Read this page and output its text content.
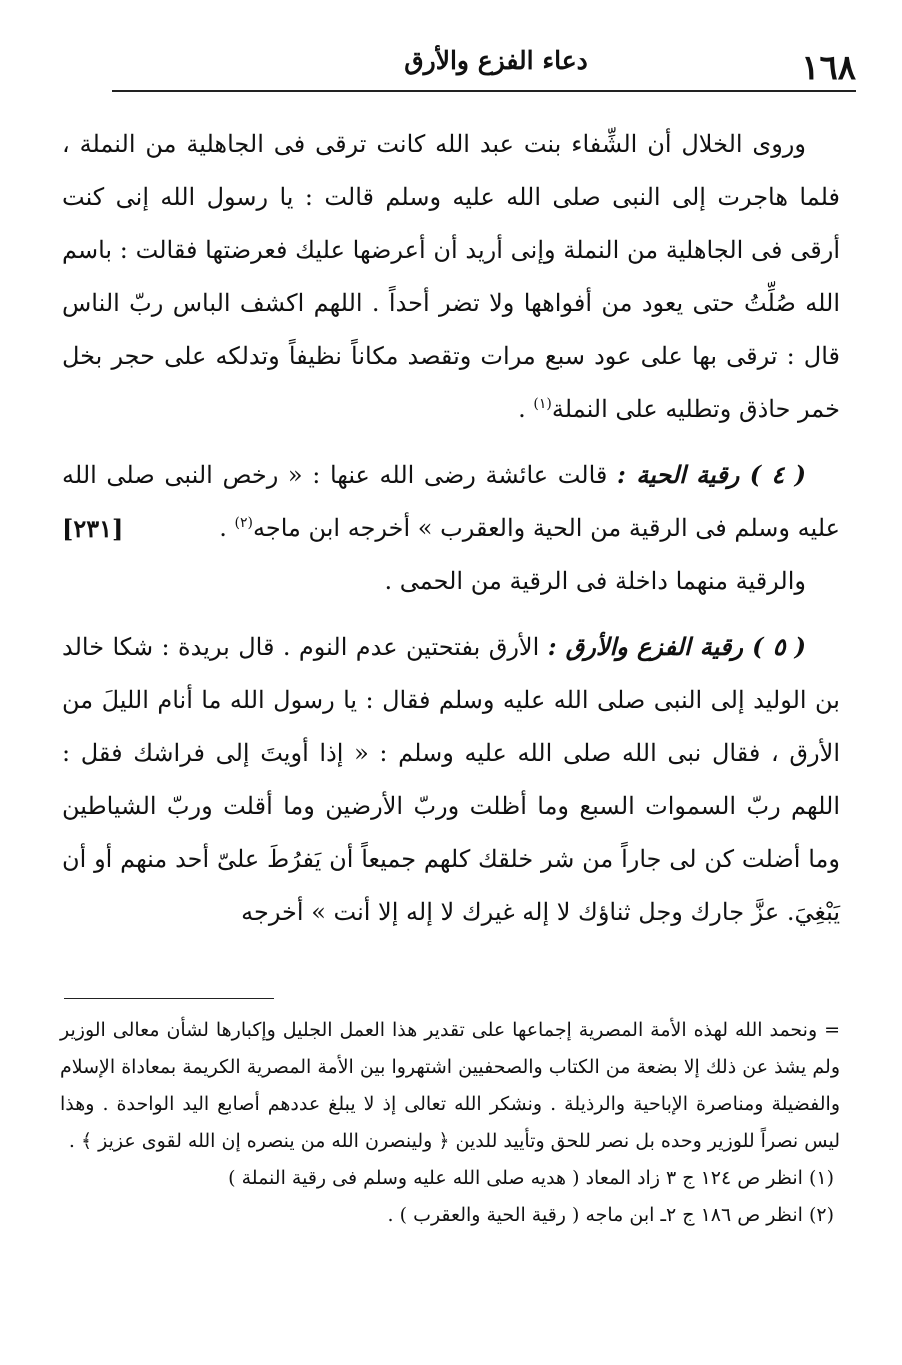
١٦٨
دعاء الفزع والأرق

وروى الخلال أن الشِّفاء بنت عبد الله كانت ترقى فى الجاهلية من النملة ، فلما هاجرت إلى النبى صلى الله عليه وسلم قالت : يا رسول الله إنى كنت أرقى فى الجاهلية من النملة وإنى أريد أن أعرضها عليك فعرضتها فقالت : باسم الله صُلِّتُ حتى يعود من أفواهها ولا تضر أحداً . اللهم اكشف الباس ربّ الناس قال : ترقى بها على عود سبع مرات وتقصد مكاناً نظيفاً وتدلكه على حجر بخل خمر حاذق وتطليه على النملة$^{(١)}$ .

( ٤ ) رقية الحية : قالت عائشة رضى الله عنها : « رخص النبى صلى الله عليه وسلم فى الرقية من الحية والعقرب » أخرجه ابن ماجه$^{(٢)}$ .
[٢٣١]

والرقية منهما داخلة فى الرقية من الحمى .

( ٥ ) رقية الفزع والأرق : الأرق بفتحتين عدم النوم . قال بريدة : شكا خالد بن الوليد إلى النبى صلى الله عليه وسلم فقال : يا رسول الله ما أنام الليلَ من الأرق ، فقال نبى الله صلى الله عليه وسلم : « إذا أويتَ إلى فراشك فقل : اللهم ربّ السموات السبع وما أظلت وربّ الأرضين وما أقلت وربّ الشياطين وما أضلت كن لى جاراً من شر خلقك كلهم جميعاً أن يَفرُطَ علىّ أحد منهم أو أن يَبْغِيَ. عزَّ جارك وجل ثناؤك لا إله غيرك لا إله إلا أنت » أخرجه

= ونحمد الله لهذه الأمة المصرية إجماعها على تقدير هذا العمل الجليل وإكبارها لشأن معالى الوزير ولم يشذ عن ذلك إلا بضعة من الكتاب والصحفيين اشتهروا بين الأمة المصرية الكريمة بمعاداة الإسلام والفضيلة ومناصرة الإباحية والرذيلة . ونشكر الله تعالى إذ لا يبلغ عددهم أصابع اليد الواحدة . وهذا ليس نصراً للوزير وحده بل نصر للحق وتأييد للدين ﴿ ولينصرن الله من ينصره إن الله لقوى عزيز ﴾ .

(١) انظر ص ١٢٤ ج ٣ زاد المعاد ( هديه صلى الله عليه وسلم فى رقية النملة )

(٢) انظر ص ١٨٦ ج ٢ـ ابن ماجه ( رقية الحية والعقرب ) .
